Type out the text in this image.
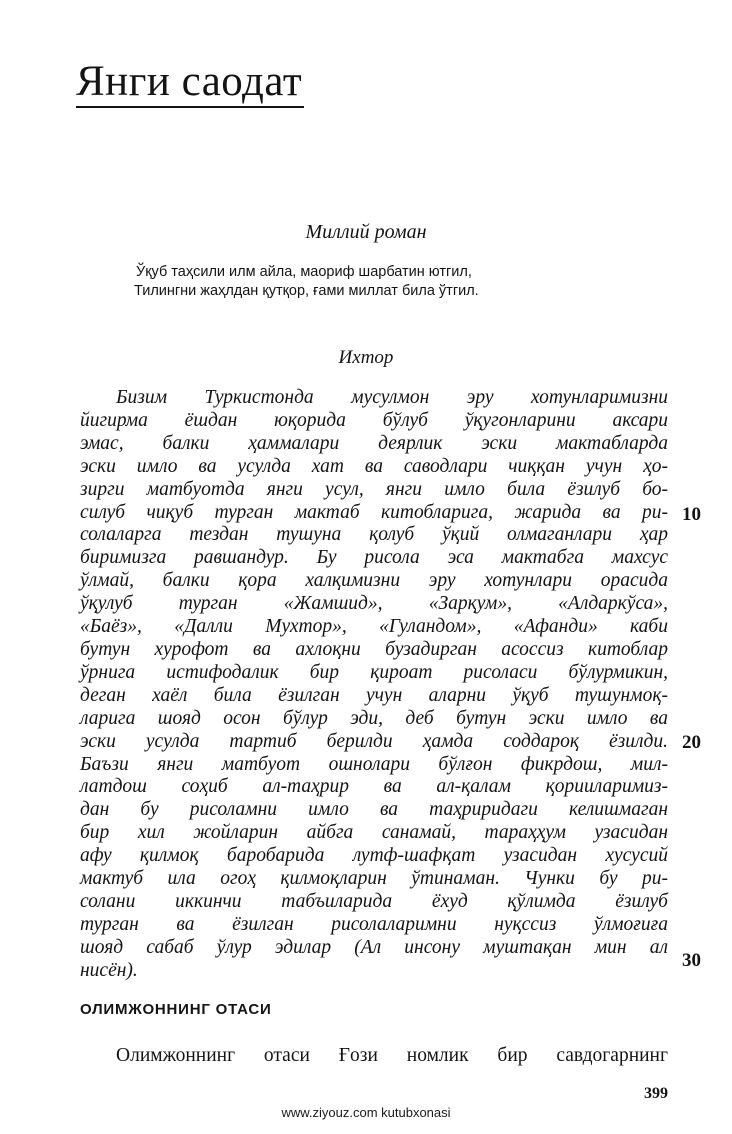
Янги саодат
Миллий роман
Ўқуб таҳсили илм айла, маориф шарбатин ютгил,
Тилингни жаҳлдан қутқор, ғами миллат била ўтгил.
Ихтор
Бизим Туркистонда мусулмон эру хотунларимизни
йигирма ёшдан юқорида бўлуб ўқугонларини аксари
эмас, балки ҳаммалари деярлик эски мактабларда
эски имло ва усулда хат ва саводлари чиққан учун ҳо-
зирги матбуотда янги усул, янги имло била ёзилуб бо-
силуб чиқуб турган мактаб китобларига, жарида ва ри-
солаларга тездан тушуна қолуб ўқий олмаганлари ҳар
биримизга равшандур. Бу рисола эса мактабга махсус
ўлмай, балки қора халқимизни эру хотунлари орасида
ўқулуб турган «Жамшид», «Зарқум», «Алдаркўса»,
«Баёз», «Далли Мухтор», «Гуландом», «Афанди» каби
бутун хурофот ва ахлоқни бузадирган асоссиз китоблар
ўрнига истифодалик бир қироат рисоласи бўлурмикин,
деган хаёл била ёзилган учун аларни ўқуб тушунмоқ-
ларига шояд осон бўлур эди, деб бутун эски имло ва
эски усулда тартиб берилди ҳамда соддароқ ёзилди.
Баъзи янги матбуот ошнолари бўлғон фикрдош, мил-
латдош соҳиб ал-таҳрир ва ал-қалам қорииларимиз-
дан бу рисоламни имло ва таҳриридаги келишмаган
бир хил жойларин айбга санамай, тараҳҳум узасидан
афу қилмоқ баробарида лутф-шафқат узасидан хусусий
мактуб ила огоҳ қилмоқларин ўтинаман. Чунки бу ри-
солани иккинчи табъиларида ёхуд қўлимда ёзилуб
турган ва ёзилган рисолаларимни нуқссиз ўлмоғиға
шояд сабаб ўлур эдилар (Ал инсону муштақан мин ал
нисён).
10
20
30
ОЛИМЖОННИНГ ОТАСИ
Олимжоннинг отаси Ғози номлик бир савдогарнинг
399
www.ziyouz.com kutubxonasi
